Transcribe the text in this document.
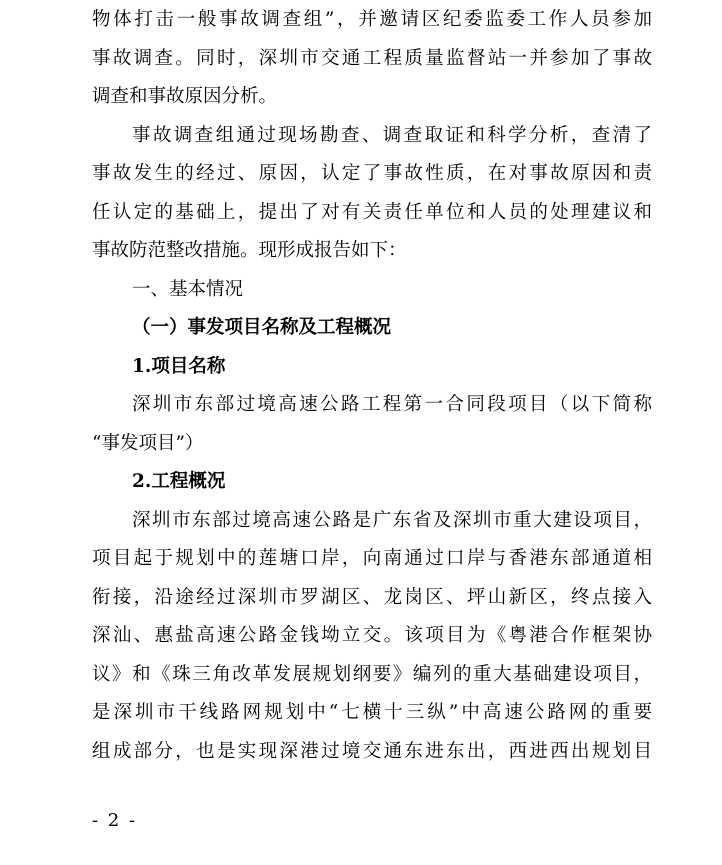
物体打击一般事故调查组”，并邀请区纪委监委工作人员参加
事故调查。同时，深圳市交通工程质量监督站一并参加了事故
调查和事故原因分析。
事故调查组通过现场勘查、调查取证和科学分析，查清了
事故发生的经过、原因，认定了事故性质，在对事故原因和责
任认定的基础上，提出了对有关责任单位和人员的处理建议和
事故防范整改措施。现形成报告如下：
一、基本情况
（一）事发项目名称及工程概况
1.项目名称
深圳市东部过境高速公路工程第一合同段项目（以下简称
“事发项目”）
2.工程概况
深圳市东部过境高速公路是广东省及深圳市重大建设项目，
项目起于规划中的莲塘口岸，向南通过口岸与香港东部通道相
衔接，沿途经过深圳市罗湖区、龙岗区、坪山新区，终点接入
深汕、惠盐高速公路金钱坳立交。该项目为《粤港合作框架协
议》和《珠三角改革发展规划纲要》编列的重大基础建设项目，
是深圳市干线路网规划中“七横十三纵”中高速公路网的重要
组成部分，也是实现深港过境交通东进东出，西进西出规划目
- 2 -
